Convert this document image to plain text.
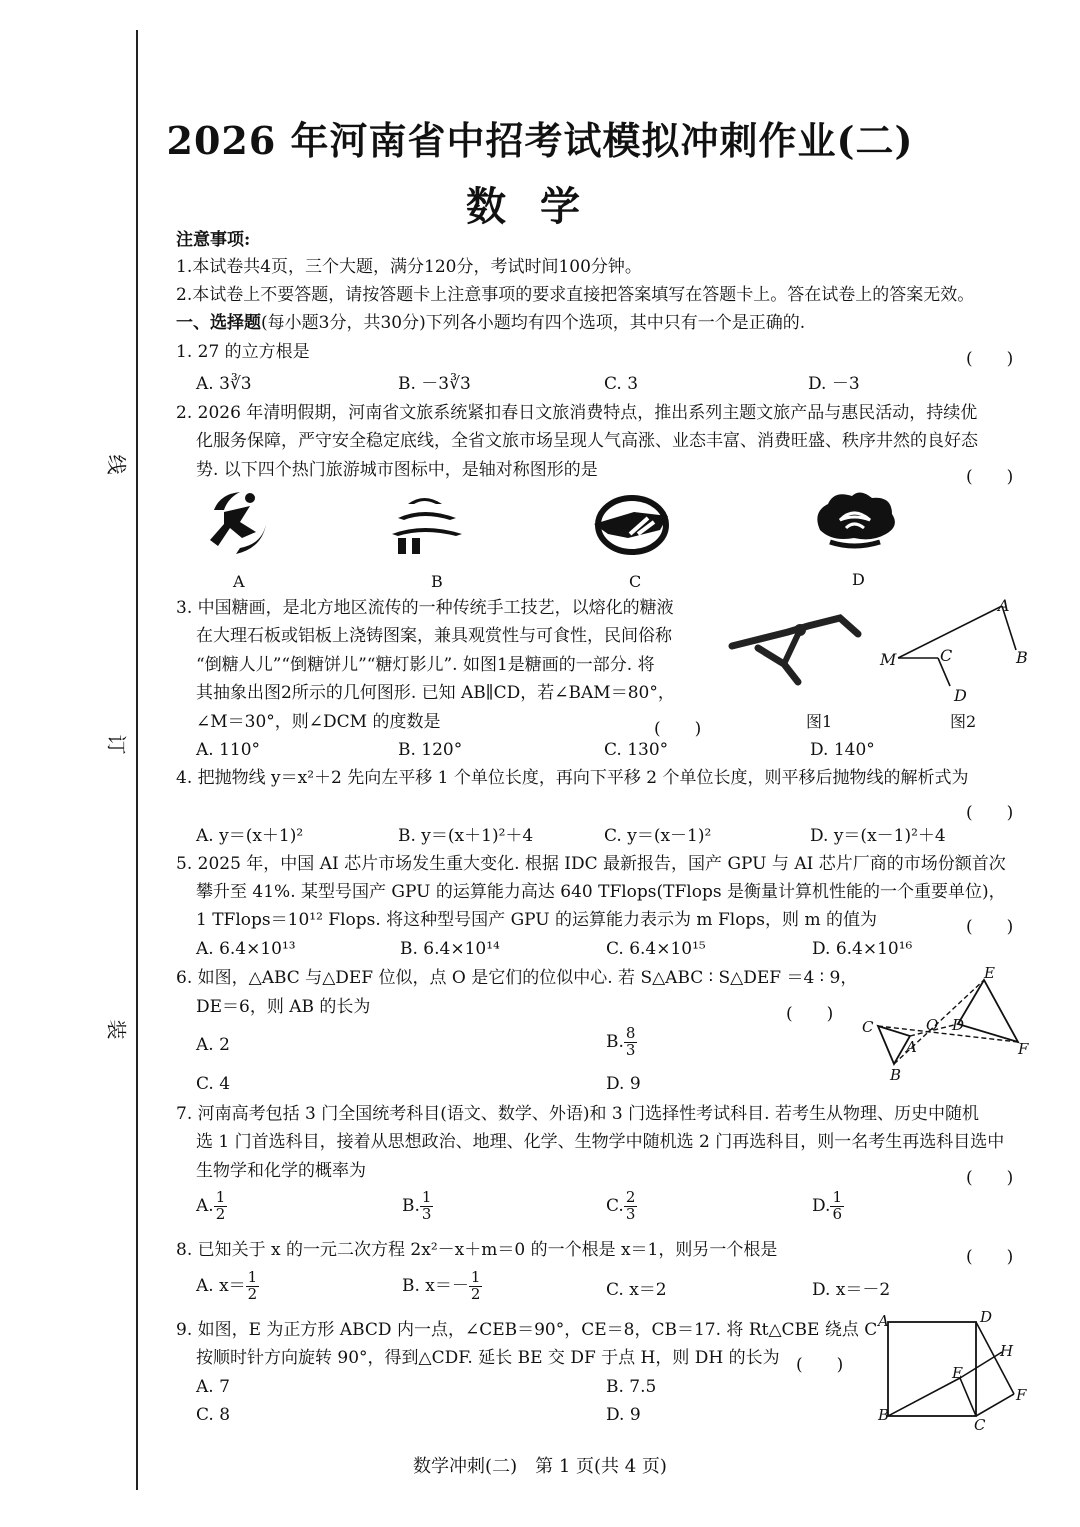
线
订
装
2026 年河南省中招考试模拟冲刺作业(二)
数学
注意事项:
1.本试卷共4页，三个大题，满分120分，考试时间100分钟。
2.本试卷上不要答题，请按答题卡上注意事项的要求直接把答案填写在答题卡上。答在试卷上的答案无效。
一、选择题(每小题3分，共30分)下列各小题均有四个选项，其中只有一个是正确的.
1. 27 的立方根是	(　　)
A. 3∛3	B. －3∛3	C. 3	D. －3
2. 2026 年清明假期，河南省文旅系统紧扣春日文旅消费特点，推出系列主题文旅产品与惠民活动，持续优
化服务保障，严守安全稳定底线，全省文旅市场呈现人气高涨、业态丰富、消费旺盛、秩序井然的良好态
势. 以下四个热门旅游城市图标中，是轴对称图形的是	(　　)
A	B	C	D
3. 中国糖画，是北方地区流传的一种传统手工技艺，以熔化的糖液
在大理石板或铝板上浇铸图案，兼具观赏性与可食性，民间俗称
“倒糖人儿”“倒糖饼儿”“糖灯影儿”. 如图1是糖画的一部分. 将
其抽象出图2所示的几何图形. 已知 AB∥CD，若∠BAM＝80°，
∠M＝30°，则∠DCM 的度数是	(　　)
A. 110°	B. 120°	C. 130°	D. 140°
图1
A
B
M	C
D
图2
4. 把抛物线 y＝x²＋2 先向左平移 1 个单位长度，再向下平移 2 个单位长度，则平移后抛物线的解析式为
(　　)
A. y＝(x＋1)²	B. y＝(x＋1)²＋4	C. y＝(x－1)²	D. y＝(x－1)²＋4
5. 2025 年，中国 AI 芯片市场发生重大变化. 根据 IDC 最新报告，国产 GPU 与 AI 芯片厂商的市场份额首次
攀升至 41%. 某型号国产 GPU 的运算能力高达 640 TFlops(TFlops 是衡量计算机性能的一个重要单位)，
1 TFlops＝10¹² Flops. 将这种型号国产 GPU 的运算能力表示为 m Flops，则 m 的值为	(　　)
A. 6.4×10¹³	B. 6.4×10¹⁴	C. 6.4×10¹⁵	D. 6.4×10¹⁶
6. 如图，△ABC 与△DEF 位似，点 O 是它们的位似中心. 若 S△ABC ∶ S△DEF ＝4 ∶ 9，
DE＝6，则 AB 的长为	(　　)
A. 2	B. $\frac{8}{3}$
C. 4	D. 9
E
C	O D
A	F
B
7. 河南高考包括 3 门全国统考科目(语文、数学、外语)和 3 门选择性考试科目. 若考生从物理、历史中随机
选 1 门首选科目，接着从思想政治、地理、化学、生物学中随机选 2 门再选科目，则一名考生再选科目选中
生物学和化学的概率为	(　　)
A. $\frac{1}{2}$	B. $\frac{1}{3}$	C. $\frac{2}{3}$	D. $\frac{1}{6}$
8. 已知关于 x 的一元二次方程 2x²－x＋m＝0 的一个根是 x＝1，则另一个根是	(　　)
A. $x= \frac{1}{2}$	B. $x=- \frac{1}{2}$	C. x＝2	D. x＝－2
9. 如图，E 为正方形 ABCD 内一点，∠CEB＝90°，CE＝8，CB＝17. 将 Rt△CBE 绕点 C
按顺时针方向旋转 90°，得到△CDF. 延长 BE 交 DF 于点 H，则 DH 的长为 (　　)
A. 7	B. 7.5
C. 8	D. 9
A	D
H
E
F
B
C
数学冲刺(二)　第 1 页(共 4 页)
